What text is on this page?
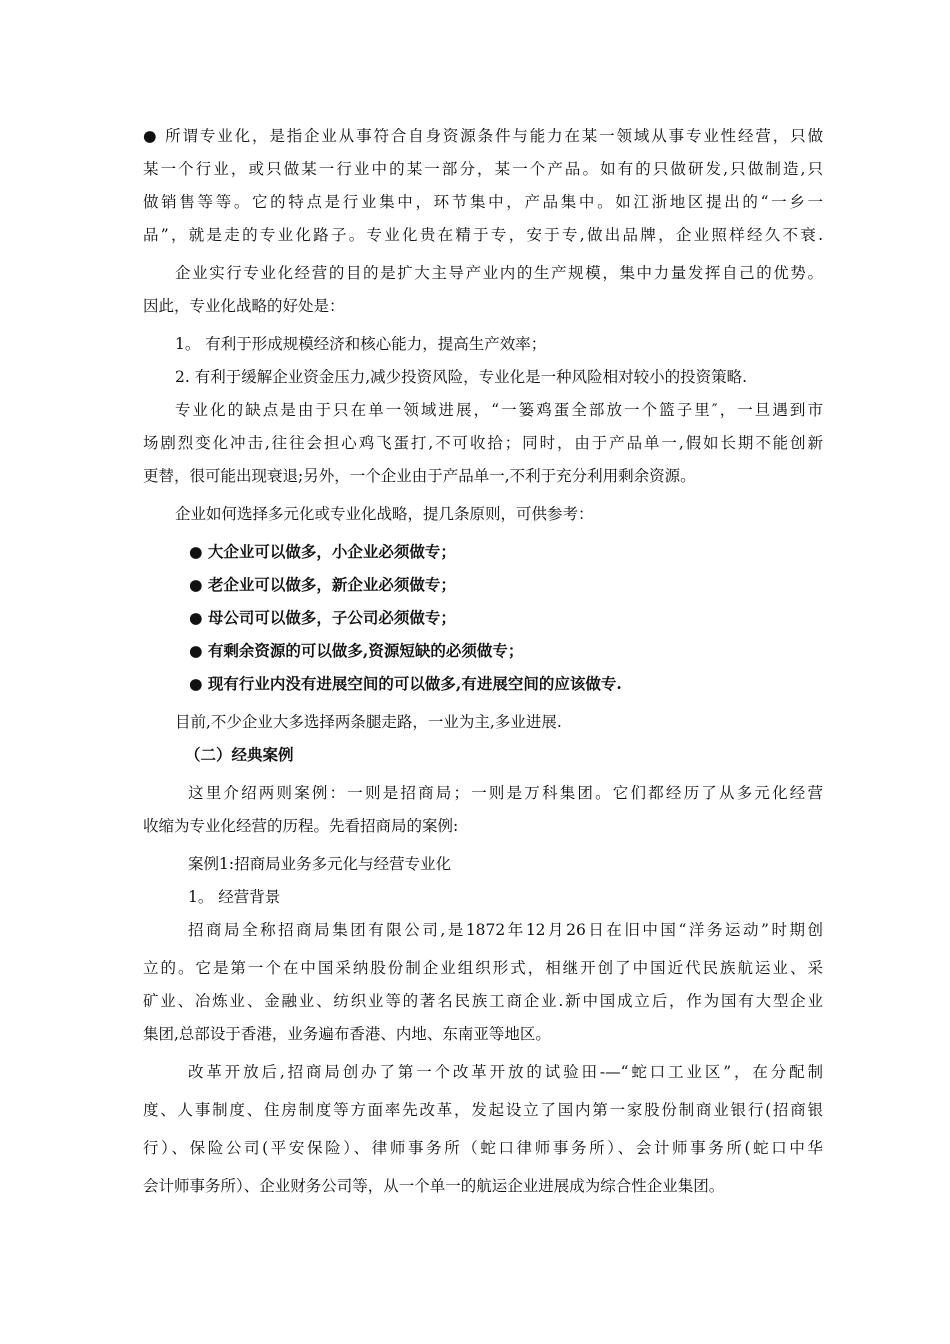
● 所谓专业化，是指企业从事符合自身资源条件与能力在某一领域从事专业性经营，只做
某一个行业，或只做某一行业中的某一部分，某一个产品。如有的只做研发,只做制造,只
做销售等等。它的特点是行业集中，环节集中，产品集中。如江浙地区提出的“一乡一
品”，就是走的专业化路子。专业化贵在精于专，安于专,做出品牌，企业照样经久不衰.
企业实行专业化经营的目的是扩大主导产业内的生产规模，集中力量发挥自己的优势。
因此，专业化战略的好处是：
1。 有利于形成规模经济和核心能力，提高生产效率；
2. 有利于缓解企业资金压力,减少投资风险，专业化是一种风险相对较小的投资策略.
专业化的缺点是由于只在单一领域进展，“一篓鸡蛋全部放一个篮子里″，一旦遇到市
场剧烈变化冲击,往往会担心鸡飞蛋打,不可收拾；同时，由于产品单一,假如长期不能创新
更替，很可能出现衰退;另外，一个企业由于产品单一,不利于充分利用剩余资源。
企业如何选择多元化或专业化战略，提几条原则，可供参考：
● 大企业可以做多，小企业必须做专；
● 老企业可以做多，新企业必须做专；
● 母公司可以做多，子公司必须做专；
● 有剩余资源的可以做多,资源短缺的必须做专；
● 现有行业内没有进展空间的可以做多,有进展空间的应该做专.
目前,不少企业大多选择两条腿走路，一业为主,多业进展.
（二）经典案例
这里介绍两则案例：一则是招商局；一则是万科集团。它们都经历了从多元化经营
收缩为专业化经营的历程。先看招商局的案例:
案例1:招商局业务多元化与经营专业化
1。 经营背景
招商局全称招商局集团有限公司,是1872年12月26日在旧中国“洋务运动”时期创
立的。它是第一个在中国采纳股份制企业组织形式，相继开创了中国近代民族航运业、采
矿业、冶炼业、金融业、纺织业等的著名民族工商企业.新中国成立后，作为国有大型企业
集团,总部设于香港，业务遍布香港、内地、东南亚等地区。
改革开放后,招商局创办了第一个改革开放的试验田-—“蛇口工业区”，在分配制
度、人事制度、住房制度等方面率先改革，发起设立了国内第一家股份制商业银行(招商银
行）、保险公司(平安保险）、律师事务所（蛇口律师事务所）、会计师事务所(蛇口中华
会计师事务所）、企业财务公司等，从一个单一的航运企业进展成为综合性企业集团。
